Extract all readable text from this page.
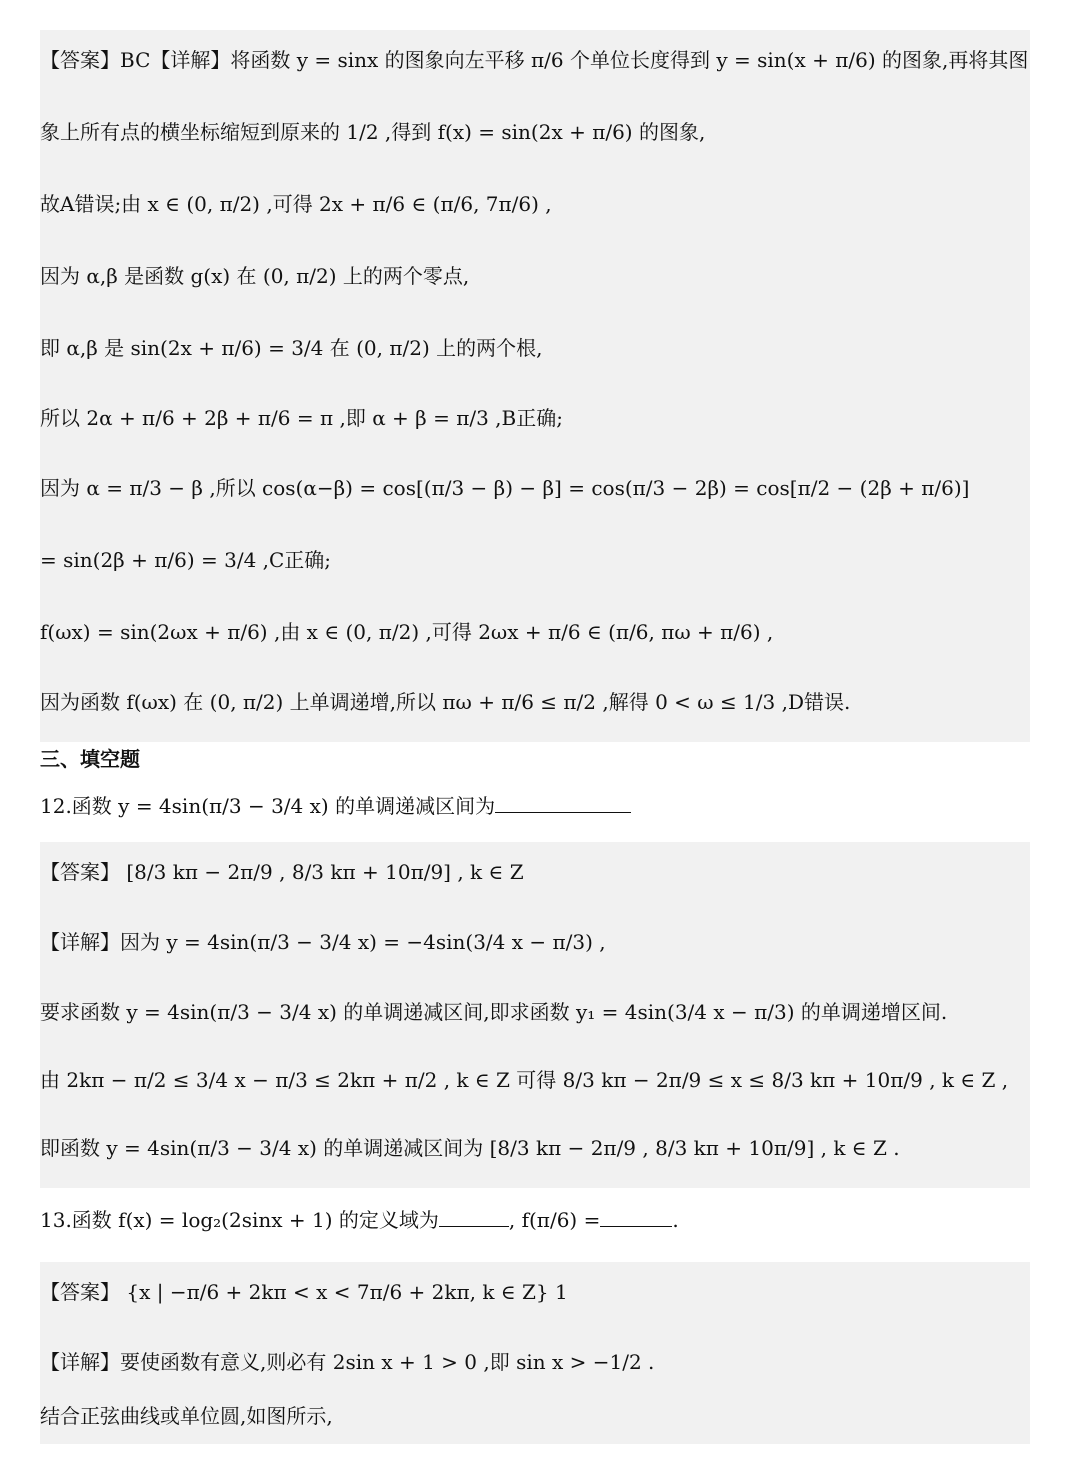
【答案】BC【详解】将函数 y = sinx 的图象向左平移 π/6 个单位长度得到 y = sin(x + π/6) 的图象,再将其图
象上所有点的横坐标缩短到原来的 1/2 ,得到 f(x) = sin(2x + π/6) 的图象,
故A错误;由 x ∈ (0, π/2) ,可得 2x + π/6 ∈ (π/6, 7π/6) ,
因为 α,β 是函数 g(x) 在 (0, π/2) 上的两个零点,
即 α,β 是 sin(2x + π/6) = 3/4 在 (0, π/2) 上的两个根,
所以 2α + π/6 + 2β + π/6 = π ,即 α + β = π/3 ,B正确;
因为 α = π/3 − β ,所以 cos(α−β) = cos[(π/3 − β) − β] = cos(π/3 − 2β) = cos[π/2 − (2β + π/6)]
= sin(2β + π/6) = 3/4 ,C正确;
f(ωx) = sin(2ωx + π/6) ,由 x ∈ (0, π/2) ,可得 2ωx + π/6 ∈ (π/6, πω + π/6) ,
因为函数 f(ωx) 在 (0, π/2) 上单调递增,所以 πω + π/6 ≤ π/2 ,解得 0 < ω ≤ 1/3 ,D错误.
三、填空题
12.函数 y = 4sin(π/3 − 3/4 x) 的单调递减区间为
【答案】 [8/3 kπ − 2π/9 , 8/3 kπ + 10π/9] , k ∈ Z
【详解】因为 y = 4sin(π/3 − 3/4 x) = −4sin(3/4 x − π/3) ,
要求函数 y = 4sin(π/3 − 3/4 x) 的单调递减区间,即求函数 y₁ = 4sin(3/4 x − π/3) 的单调递增区间.
由 2kπ − π/2 ≤ 3/4 x − π/3 ≤ 2kπ + π/2 , k ∈ Z 可得 8/3 kπ − 2π/9 ≤ x ≤ 8/3 kπ + 10π/9 , k ∈ Z ,
即函数 y = 4sin(π/3 − 3/4 x) 的单调递减区间为 [8/3 kπ − 2π/9 , 8/3 kπ + 10π/9] , k ∈ Z .
13.函数 f(x) = log₂(2sinx + 1) 的定义域为	, f(π/6) =	.
【答案】 {x | −π/6 + 2kπ < x < 7π/6 + 2kπ, k ∈ Z} 1
【详解】要使函数有意义,则必有 2sin x + 1 > 0 ,即 sin x > −1/2 .
结合正弦曲线或单位圆,如图所示,
